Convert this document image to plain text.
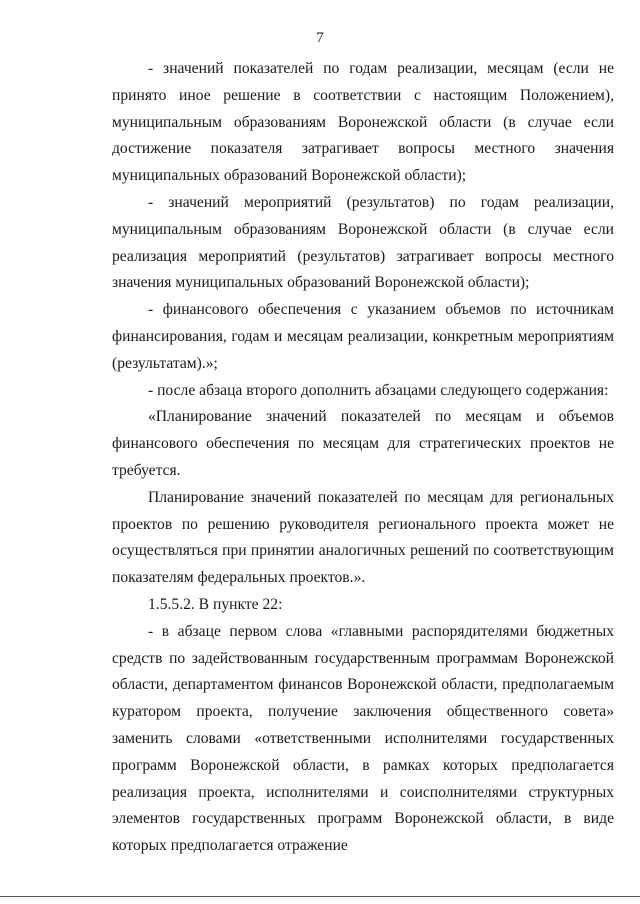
7

- значений показателей по годам реализации, месяцам (если не принято иное решение в соответствии с настоящим Положением), муниципальным образованиям Воронежской области (в случае если достижение показателя затрагивает вопросы местного значения муниципальных образований Воронежской области);

- значений мероприятий (результатов) по годам реализации, муниципальным образованиям Воронежской области (в случае если реализация мероприятий (результатов) затрагивает вопросы местного значения муниципальных образований Воронежской области);

- финансового обеспечения с указанием объемов по источникам финансирования, годам и месяцам реализации, конкретным мероприятиям (результатам).»;

- после абзаца второго дополнить абзацами следующего содержания:

«Планирование значений показателей по месяцам и объемов финансового обеспечения по месяцам для стратегических проектов не требуется.

Планирование значений показателей по месяцам для региональных проектов по решению руководителя регионального проекта может не осуществляться при принятии аналогичных решений по соответствующим показателям федеральных проектов.».

1.5.5.2. В пункте 22:

- в абзаце первом слова «главными распорядителями бюджетных средств по задействованным государственным программам Воронежской области, департаментом финансов Воронежской области, предполагаемым куратором проекта, получение заключения общественного совета» заменить словами «ответственными исполнителями государственных программ Воронежской области, в рамках которых предполагается реализация проекта, исполнителями и соисполнителями структурных элементов государственных программ Воронежской области, в виде которых предполагается отражение
